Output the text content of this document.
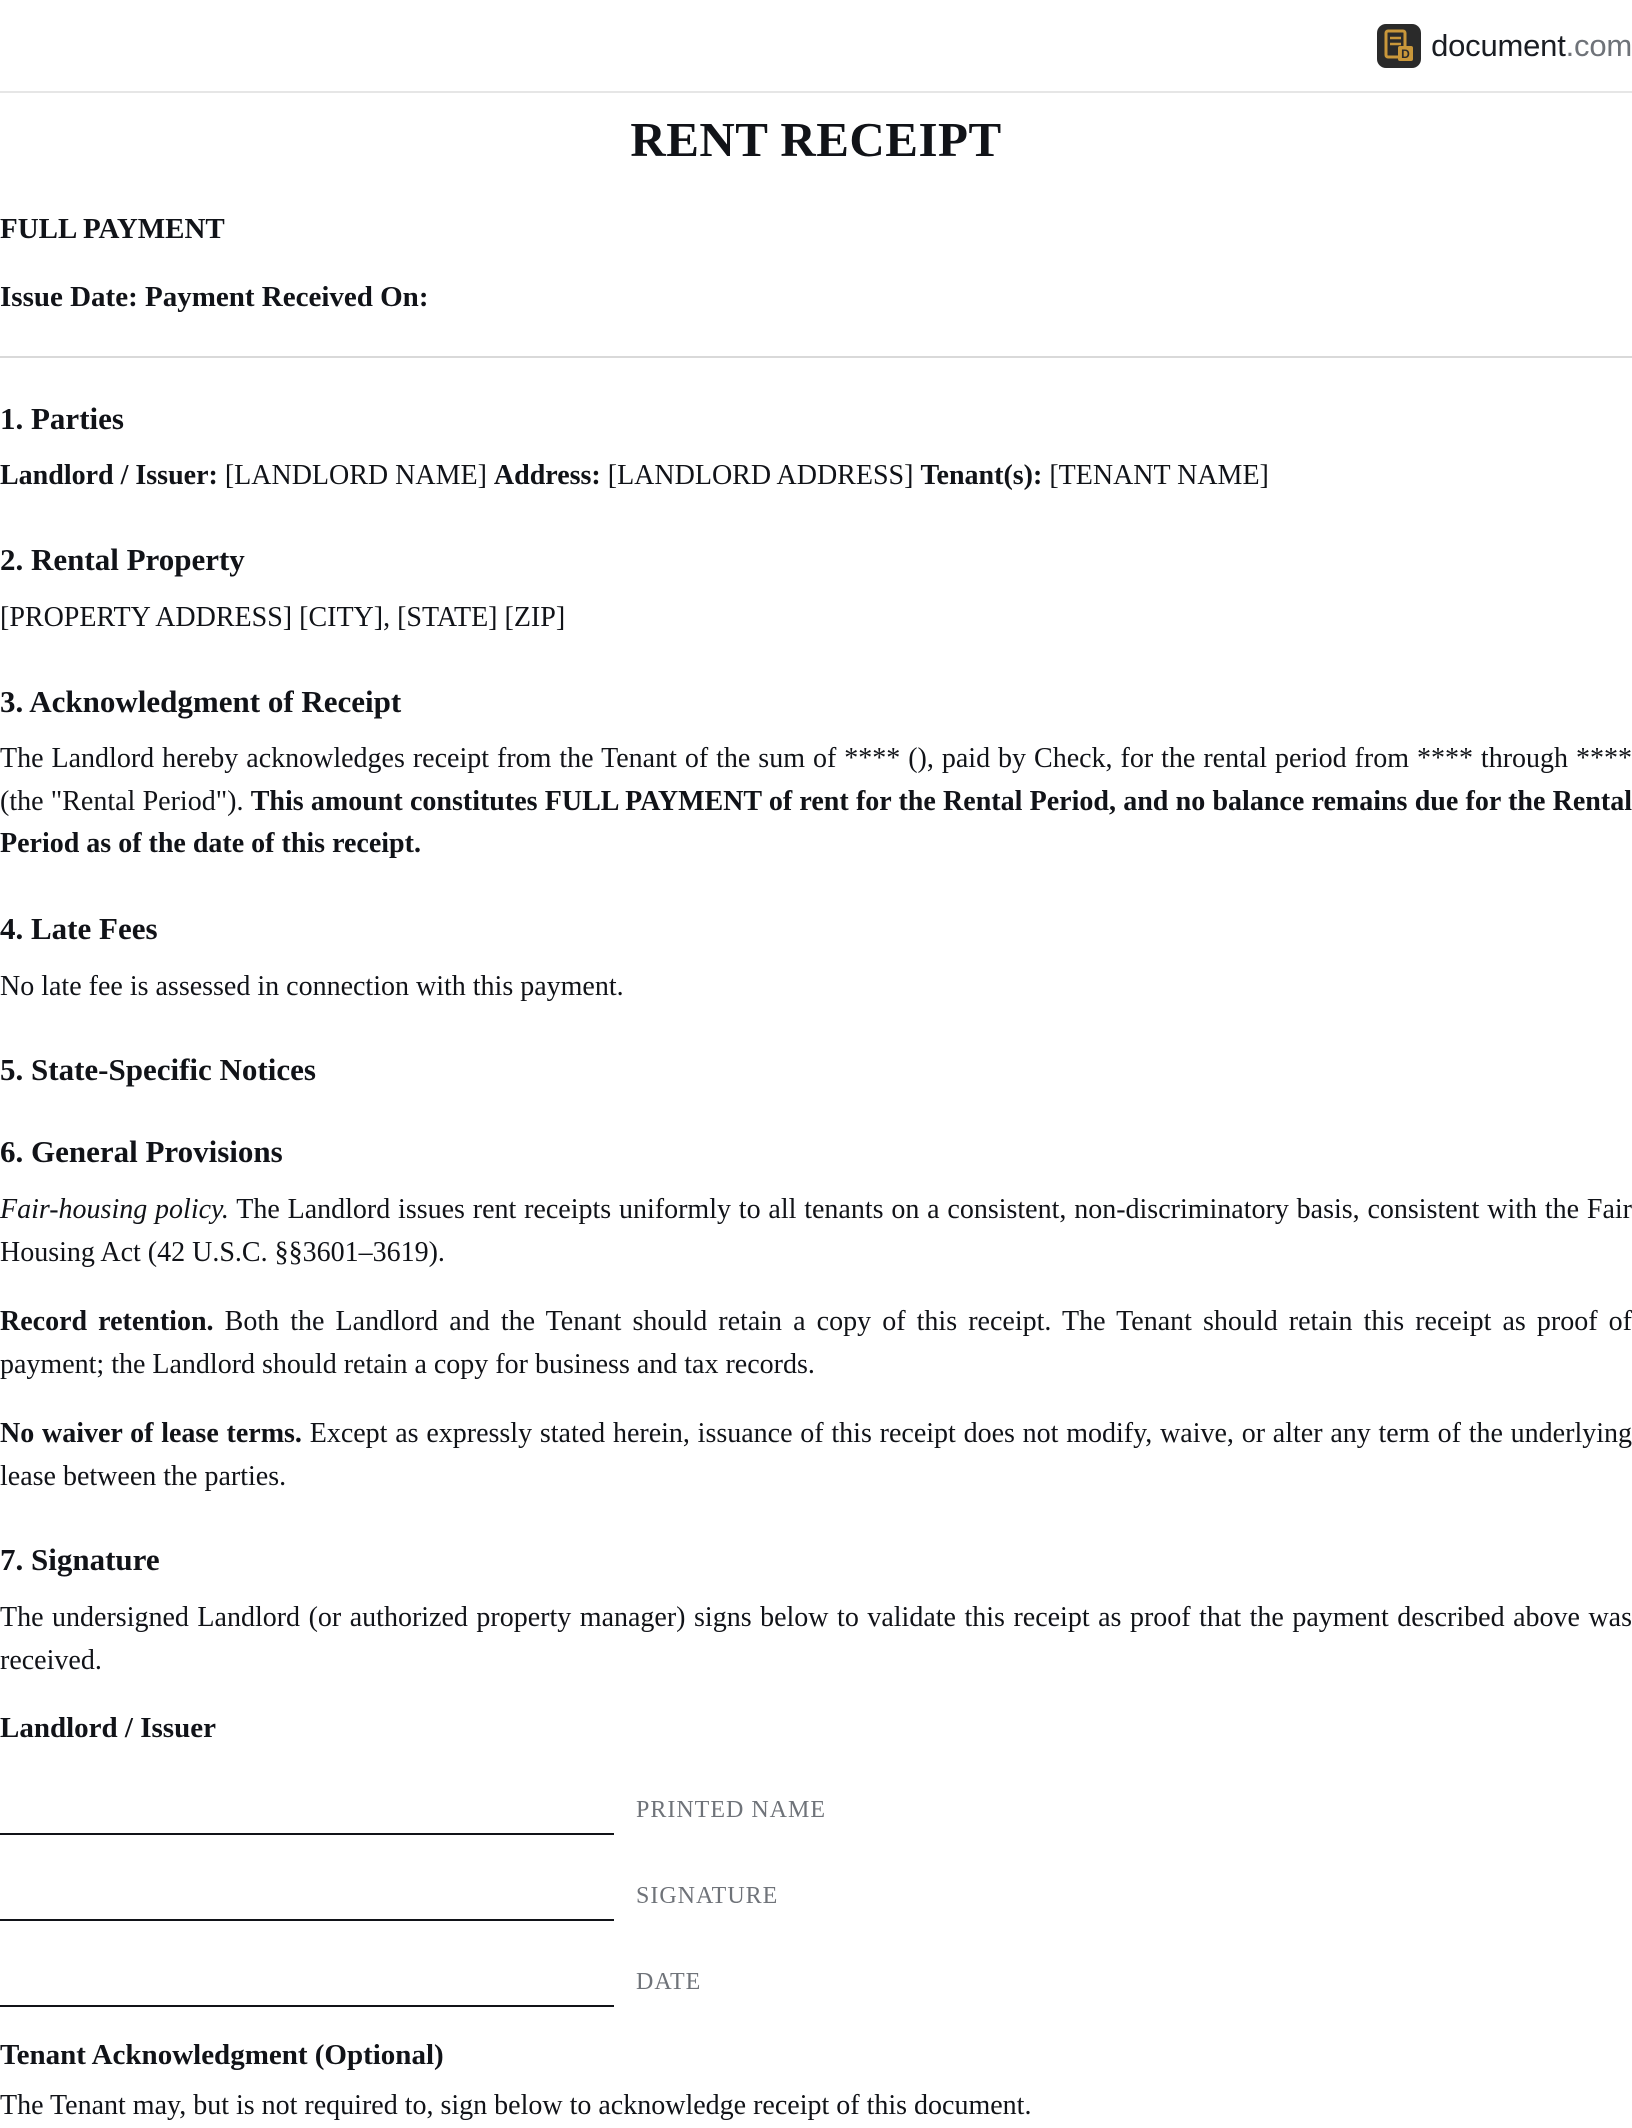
D document.com
RENT RECEIPT

FULL PAYMENT

Issue Date: Payment Received On:

1. Parties

Landlord / Issuer: [LANDLORD NAME] Address: [LANDLORD ADDRESS] Tenant(s): [TENANT NAME]

2. Rental Property

[PROPERTY ADDRESS] [CITY], [STATE] [ZIP]

3. Acknowledgment of Receipt

The Landlord hereby acknowledges receipt from the Tenant of the sum of **** (), paid by Check, for the rental period from **** through **** (the "Rental Period"). This amount constitutes FULL PAYMENT of rent for the Rental Period, and no balance remains due for the Rental Period as of the date of this receipt.

4. Late Fees

No late fee is assessed in connection with this payment.

5. State-Specific Notices
6. General Provisions

Fair-housing policy. The Landlord issues rent receipts uniformly to all tenants on a consistent, non-discriminatory basis, consistent with the Fair Housing Act (42 U.S.C. §§3601–3619).

Record retention. Both the Landlord and the Tenant should retain a copy of this receipt. The Tenant should retain this receipt as proof of payment; the Landlord should retain a copy for business and tax records.

No waiver of lease terms. Except as expressly stated herein, issuance of this receipt does not modify, waive, or alter any term of the underlying lease between the parties.

7. Signature

The undersigned Landlord (or authorized property manager) signs below to validate this receipt as proof that the payment described above was received.

Landlord / Issuer

PRINTED NAME
SIGNATURE
DATE

Tenant Acknowledgment (Optional)

The Tenant may, but is not required to, sign below to acknowledge receipt of this document.
